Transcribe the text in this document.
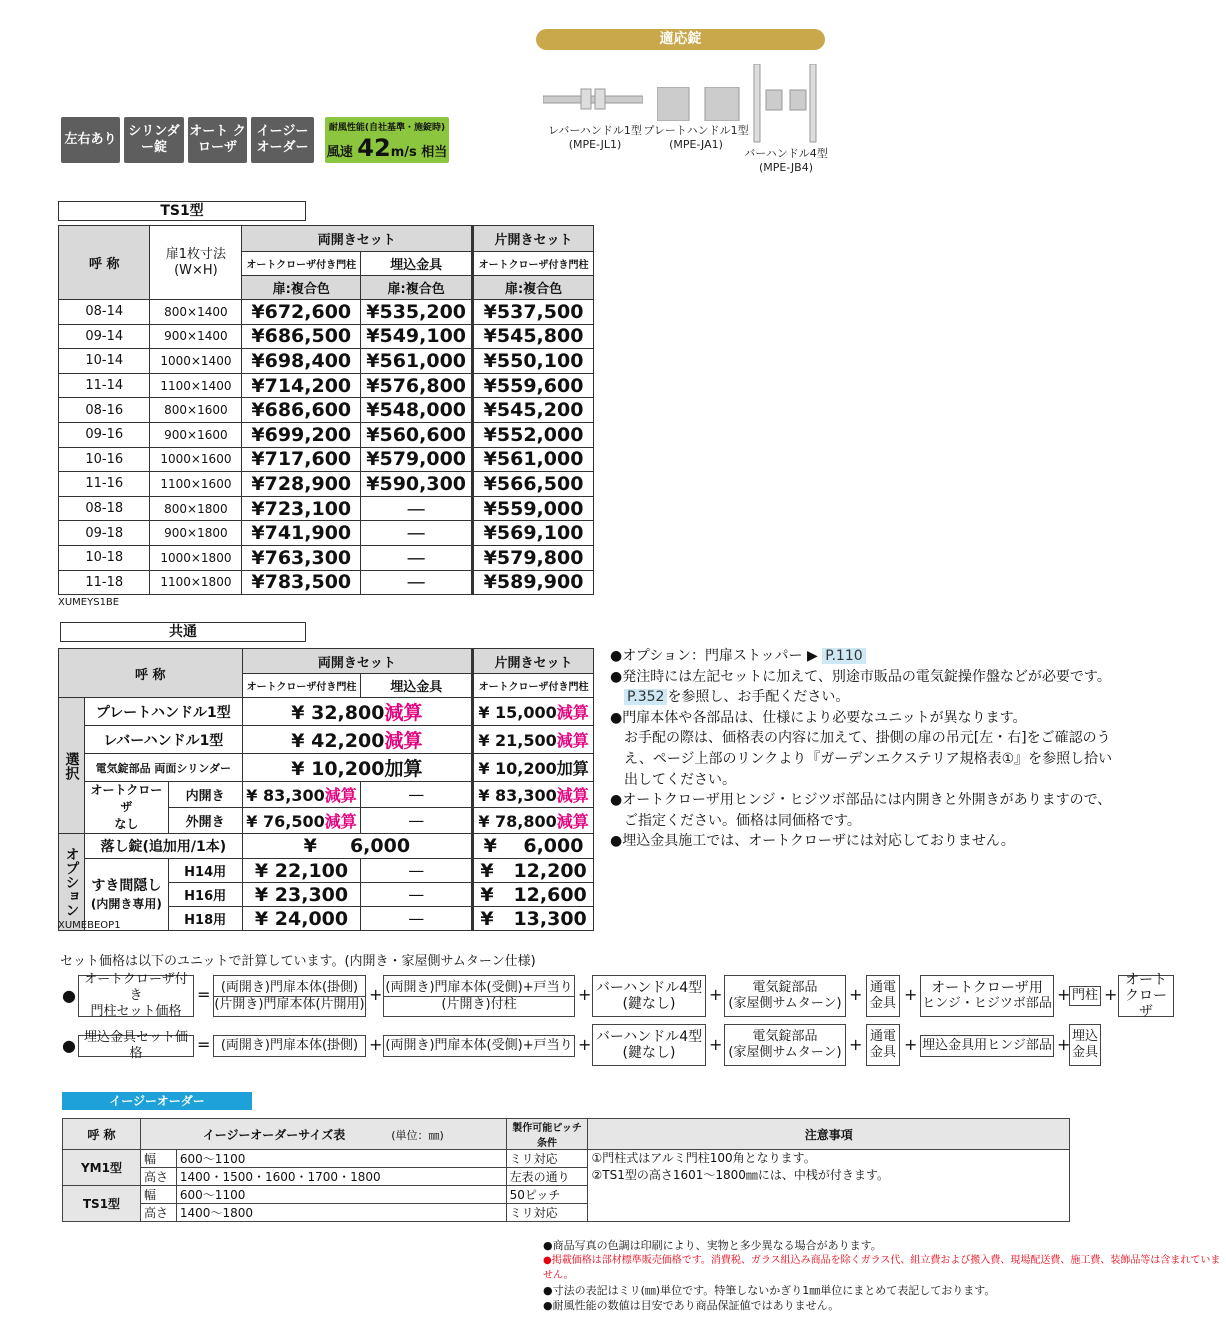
左右あり
シリンダー錠
オート クローザ
イージー オーダー
耐風性能(自社基準・施錠時)
風速 42m/s 相当
適応錠
レバーハンドル1型
(MPE-JL1)
プレートハンドル1型
(MPE-JA1)
バーハンドル4型
(MPE-JB4)
TS1型
呼 称	扉1枚寸法 (W×H)	両開きセット		片開きセット
		オートクローザ付き門柱	埋込金具	オートクローザ付き門柱
		扉:複合色	扉:複合色	扉:複合色
08-14	800×1400	¥672,600	¥535,200	¥537,500
09-14	900×1400	¥686,500	¥549,100	¥545,800
10-14	1000×1400	¥698,400	¥561,000	¥550,100
11-14	1100×1400	¥714,200	¥576,800	¥559,600
08-16	800×1600	¥686,600	¥548,000	¥545,200
09-16	900×1600	¥699,200	¥560,600	¥552,000
10-16	1000×1600	¥717,600	¥579,000	¥561,000
11-16	1100×1600	¥728,900	¥590,300	¥566,500
08-18	800×1800	¥723,100	—	¥559,000
09-18	900×1800	¥741,900	—	¥569,100
10-18	1000×1800	¥763,300	—	¥579,800
11-18	1100×1800	¥783,500	—	¥589,900
XUMEYS1BE
共通
呼 称			両開きセット		片開きセット
			オートクローザ付き門柱	埋込金具	オートクローザ付き門柱

選択	プレートハンドル1型		¥ 32,800減算		¥ 15,000減算
	レバーハンドル1型		¥ 42,200減算		¥ 21,500減算
	電気錠部品 両面シリンダー		¥ 10,200加算		¥ 10,200加算

	オートクローザ
なし	内開き	¥ 83,300減算	—	¥ 83,300減算
		外開き	¥ 76,500減算	—	¥ 78,800減算

オプション	落し錠(追加用/1本)		¥ 6,000		¥ 6,000

	すき間隠し
(内開き専用)	H14用	¥ 22,100	—	¥ 12,200
		H16用	¥ 23,300	—	¥ 12,600
		H18用	¥ 24,000	—	¥ 13,300
XUMEBEOP1
●オプション：門扉ストッパー ▶ P.110
●発注時には左記セットに加えて、別途市販品の電気錠操作盤などが必要です。
P.352 を参照し、お手配ください。
●門扉本体や各部品は、仕様により必要なユニットが異なります。
お手配の際は、価格表の内容に加えて、掛側の扉の吊元[左・右]をご確認のう
え、ページ上部のリンクより『ガーデンエクステリア規格表①』を参照し拾い
出してください。
●オートクローザ用ヒンジ・ヒジツボ部品には内開きと外開きがありますので、
ご指定ください。価格は同価格です。
●埋込金具施工では、オートクローザには対応しておりません。
セット価格は以下のユニットで計算しています。(内開き・家屋側サムターン仕様)
●
オートクローザ付き
門柱セット価格
= (両開き)門扉本体(掛側)
(片開き)門扉本体(片開用) + (両開き)門扉本体(受側)+戸当り
(片開き)付柱	+ バーハンドル4型
(鍵なし) + 電気錠部品
(家屋側サムターン) + 通電
金具 + オートクローザ用
ヒンジ・ヒジツボ部品 + 門柱 +
オート
クローザ
● 埋込金具セット価格	= (両開き)門扉本体(掛側) + (両開き)門扉本体(受側)+戸当り + バーハンドル4型
(鍵なし) + 電気錠部品
(家屋側サムターン) + 通電
金具 + 埋込金具用ヒンジ部品 + 埋込
金具
イージーオーダー
呼 称	イージーオーダーサイズ表 (単位：㎜)		製作可能ピッチ条件	注意事項
YM1型	幅	600〜1100	ミリ対応	①門柱式はアルミ門柱100角となります。
②TS1型の高さ1601〜1800㎜には、中桟が付きます。

	高さ	1400・1500・1600・1700・1800	左表の通り	
TS1型	幅	600〜1100	50ピッチ	
	高さ	1400〜1800	ミリ対応	
●商品写真の色調は印刷により、実物と多少異なる場合があります。
●掲載価格は部材標準販売価格です。消費税、ガラス組込み商品を除くガラス代、組立費および搬入費、現場配送費、施工費、装飾品等は含まれていません。
●寸法の表記はミリ(㎜)単位です。特筆しないかぎり1㎜単位にまとめて表記しております。
●耐風性能の数値は目安であり商品保証値ではありません。
